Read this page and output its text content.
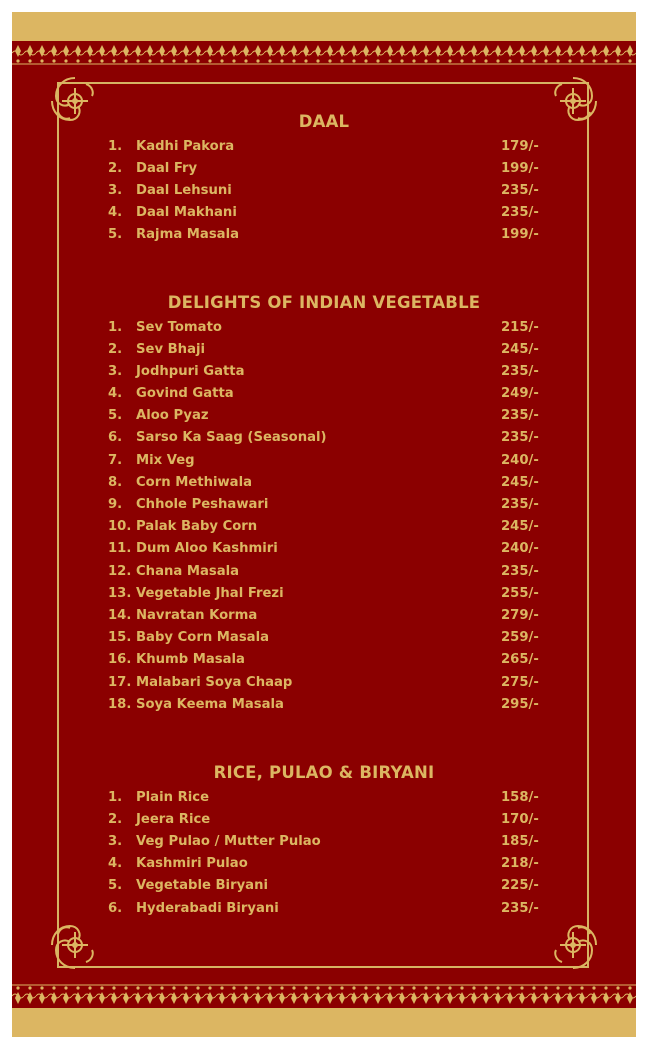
DAAL
1. Kadhi Pakora	179/-
2. Daal Fry	199/-
3. Daal Lehsuni	235/-
4. Daal Makhani	235/-
5. Rajma Masala	199/-
DELIGHTS OF INDIAN VEGETABLE
1. Sev Tomato	215/-
2. Sev Bhaji	245/-
3. Jodhpuri Gatta	235/-
4. Govind Gatta	249/-
5. Aloo Pyaz	235/-
6. Sarso Ka Saag (Seasonal)	235/-
7. Mix Veg	240/-
8. Corn Methiwala	245/-
9. Chhole Peshawari	235/-
10. Palak Baby Corn	245/-
11. Dum Aloo Kashmiri	240/-
12. Chana Masala	235/-
13. Vegetable Jhal Frezi	255/-
14. Navratan Korma	279/-
15. Baby Corn Masala	259/-
16. Khumb Masala	265/-
17. Malabari Soya Chaap	275/-
18. Soya Keema Masala	295/-
RICE, PULAO & BIRYANI
1. Plain Rice	158/-
2. Jeera Rice	170/-
3. Veg Pulao / Mutter Pulao	185/-
4. Kashmiri Pulao	218/-
5. Vegetable Biryani	225/-
6. Hyderabadi Biryani	235/-
